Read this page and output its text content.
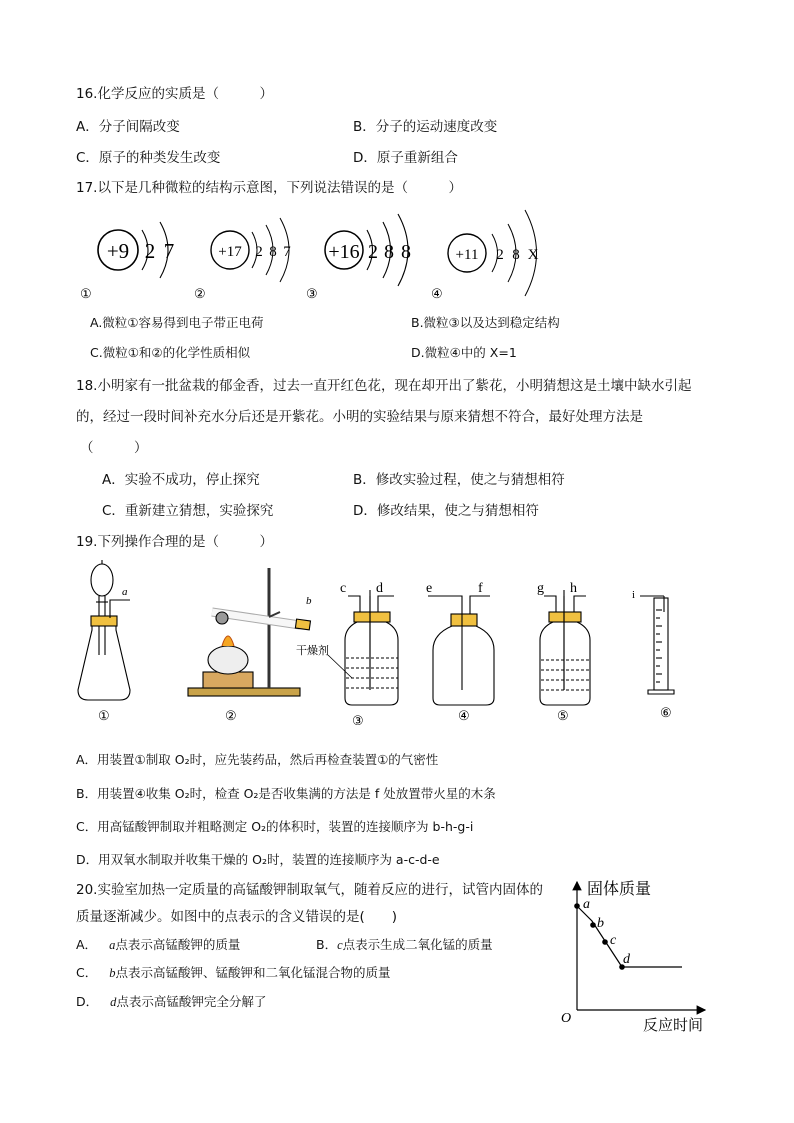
16.化学反应的实质是（　　　）
A．分子间隔改变	B．分子的运动速度改变
C．原子的种类发生改变	D．原子重新组合
17.以下是几种微粒的结构示意图，下列说法错误的是（　　　）
+9 2 7
①
+17 2 8 7
②
+16 2 8 8
③
+11 2 8 X
④
A.微粒①容易得到电子带正电荷	B.微粒③以及达到稳定结构
C.微粒①和②的化学性质相似	D.微粒④中的 X=1
18.小明家有一批盆栽的郁金香，过去一直开红色花，现在却开出了紫花，小明猜想这是土壤中缺水引起
的，经过一段时间补充水分后还是开紫花。小明的实验结果与原来猜想不符合，最好处理方法是
（　　　）
A．实验不成功，停止探究	B．修改实验过程，使之与猜想相符
C．重新建立猜想，实验探究	D．修改结果，使之与猜想相符
19.下列操作合理的是（　　　）
a
①
b
②
c d
干燥剂
③
e	f
④
g h
⑤
i
⑥
A．用装置①制取 O₂时，应先装药品，然后再检查装置①的气密性
B．用装置④收集 O₂时，检查 O₂是否收集满的方法是 f 处放置带火星的木条
C．用高锰酸钾制取并粗略测定 O₂的体积时，装置的连接顺序为 b-h-g-i
D．用双氧水制取并收集干燥的 O₂时，装置的连接顺序为 a-c-d-e
20.实验室加热一定质量的高锰酸钾制取氧气，随着反应的进行，试管内固体的
质量逐渐减少。如图中的点表示的含义错误的是(　　)
A． a点表示高锰酸钾的质量	B．c点表示生成二氧化锰的质量
C． b点表示高锰酸钾、锰酸钾和二氧化锰混合物的质量
D． d点表示高锰酸钾完全分解了
固体质量
反应时间
O
a
b
c
d
